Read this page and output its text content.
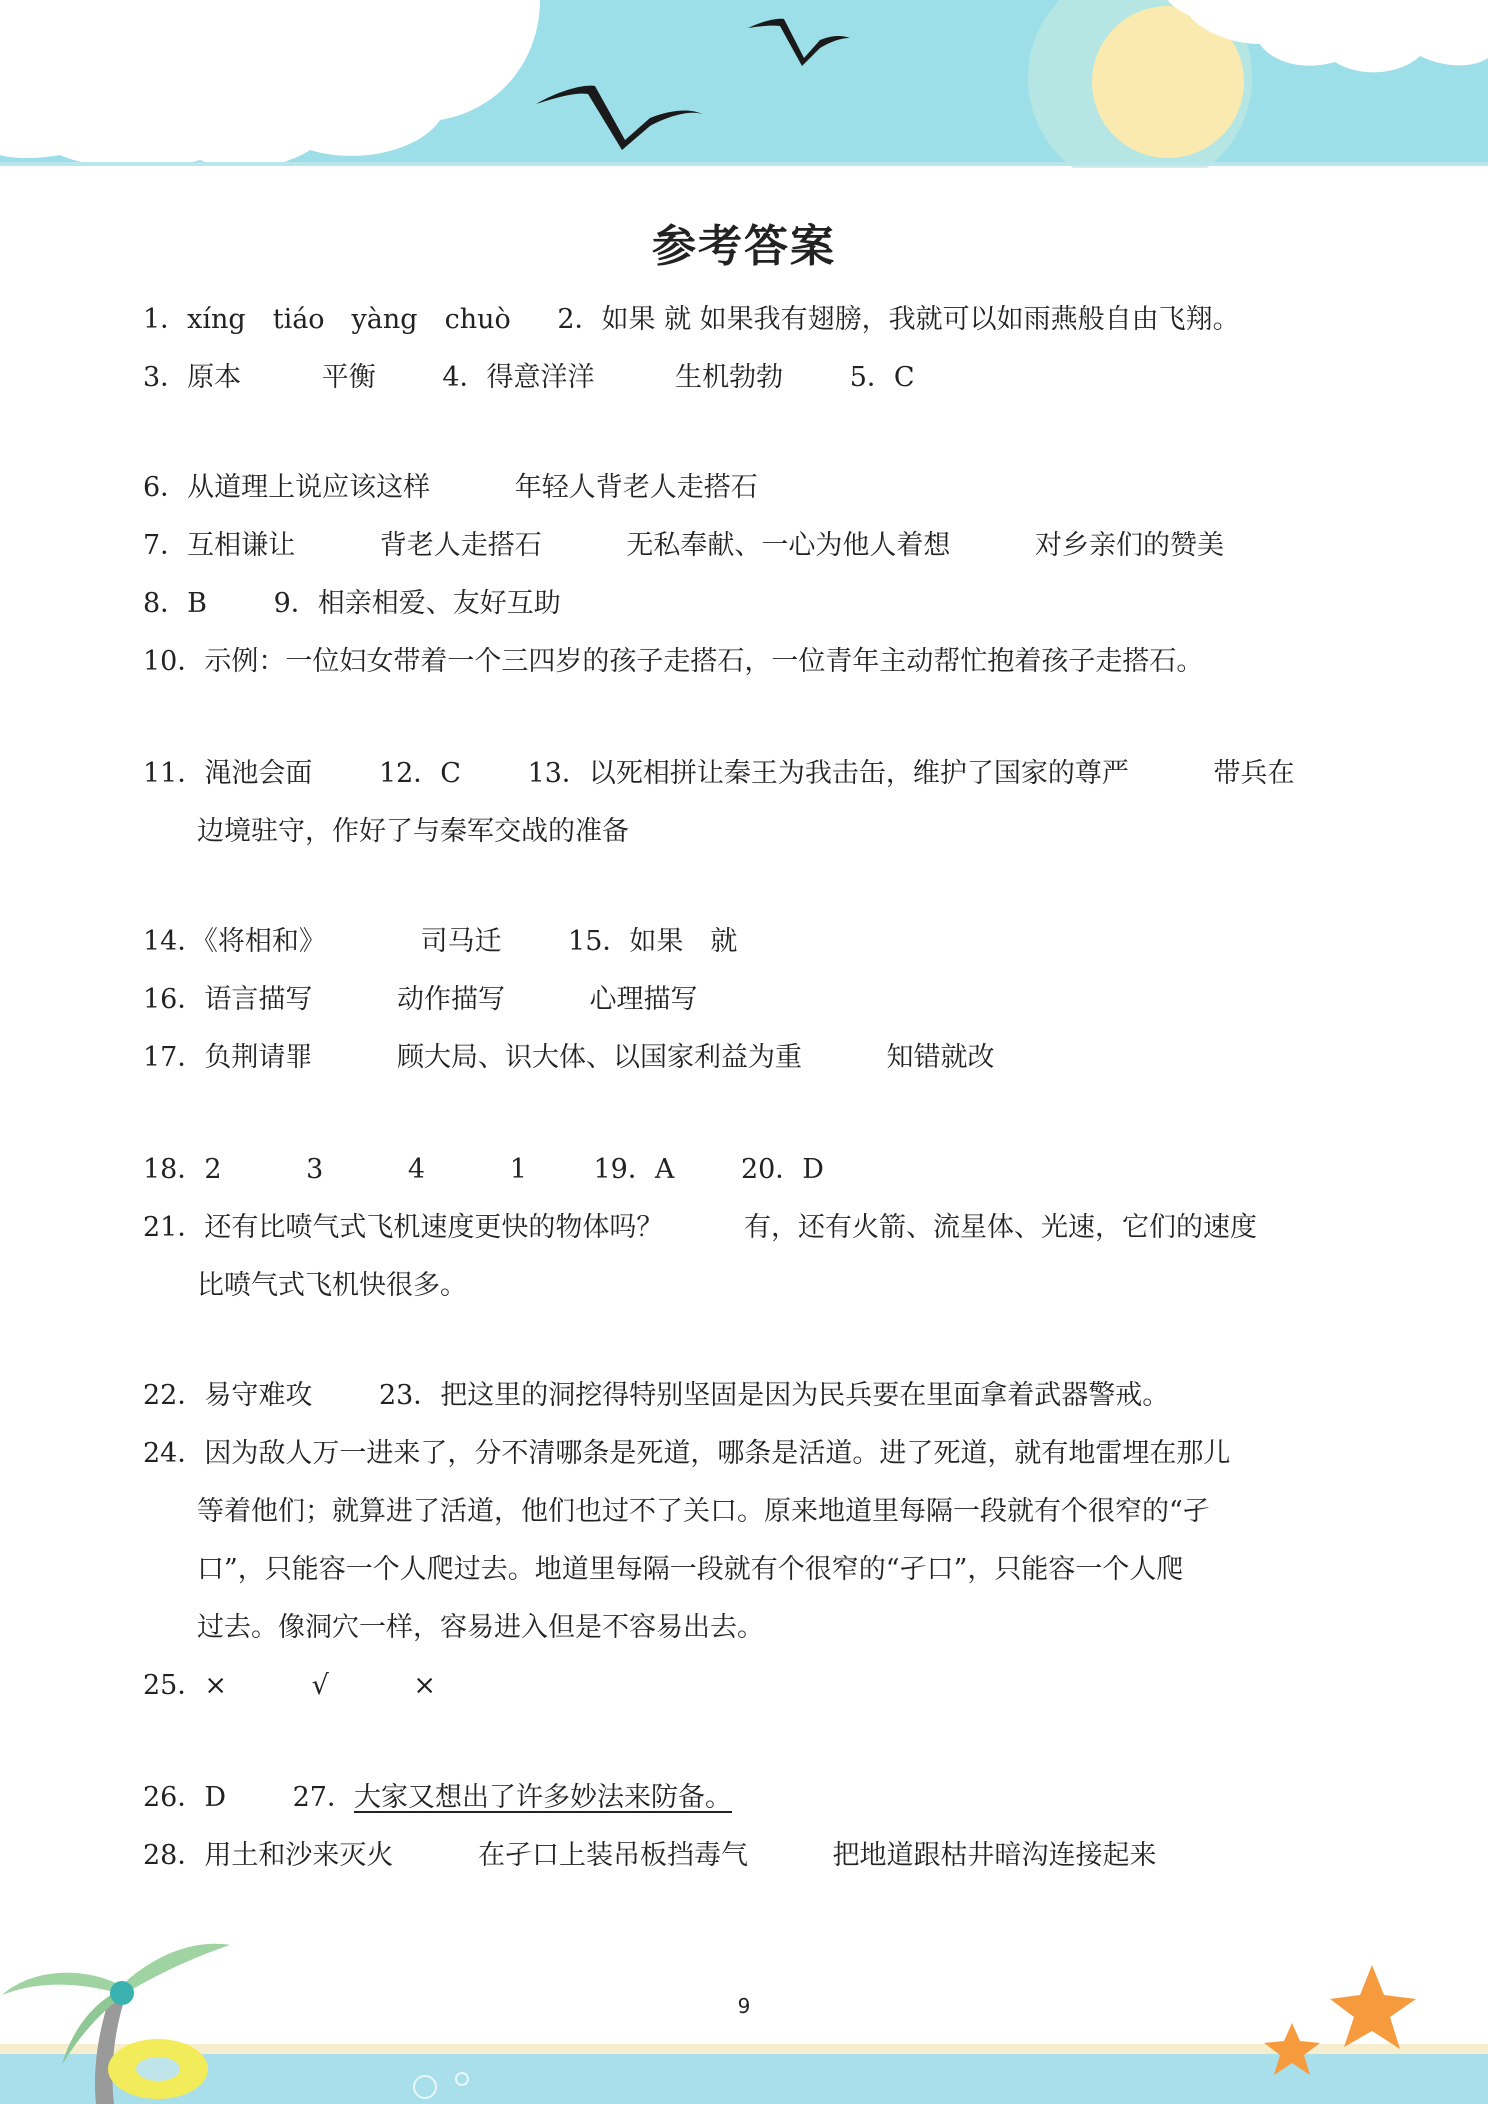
参考答案
1．xíng　tiáo　yàng　chuò 2．如果 就 如果我有翅膀，我就可以如雨燕般自由飞翔。
3．原本	平衡 4．得意洋洋	生机勃勃 5．C
6．从道理上说应该这样	年轻人背老人走搭石
7．互相谦让	背老人走搭石	无私奉献、一心为他人着想	对乡亲们的赞美
8．B 9．相亲相爱、友好互助
10．示例：一位妇女带着一个三四岁的孩子走搭石，一位青年主动帮忙抱着孩子走搭石。
11．渑池会面 12．C 13．以死相拼让秦王为我击缶，维护了国家的尊严	带兵在
边境驻守，作好了与秦军交战的准备
14．《将相和》	司马迁 15．如果　就
16．语言描写	动作描写	心理描写
17．负荆请罪	顾大局、识大体、以国家利益为重	知错就改
18．2	3	4	1 19．A 20．D
21．还有比喷气式飞机速度更快的物体吗？	有，还有火箭、流星体、光速，它们的速度
比喷气式飞机快很多。
22．易守难攻 23．把这里的洞挖得特别坚固是因为民兵要在里面拿着武器警戒。
24．因为敌人万一进来了，分不清哪条是死道，哪条是活道。进了死道，就有地雷埋在那儿
等着他们；就算进了活道，他们也过不了关口。原来地道里每隔一段就有个很窄的“孑
口”，只能容一个人爬过去。地道里每隔一段就有个很窄的“孑口”，只能容一个人爬
过去。像洞穴一样，容易进入但是不容易出去。
25．×	√	×
26．D 27．大家又想出了许多妙法来防备。
28．用土和沙来灭火	在孑口上装吊板挡毒气	把地道跟枯井暗沟连接起来
9
